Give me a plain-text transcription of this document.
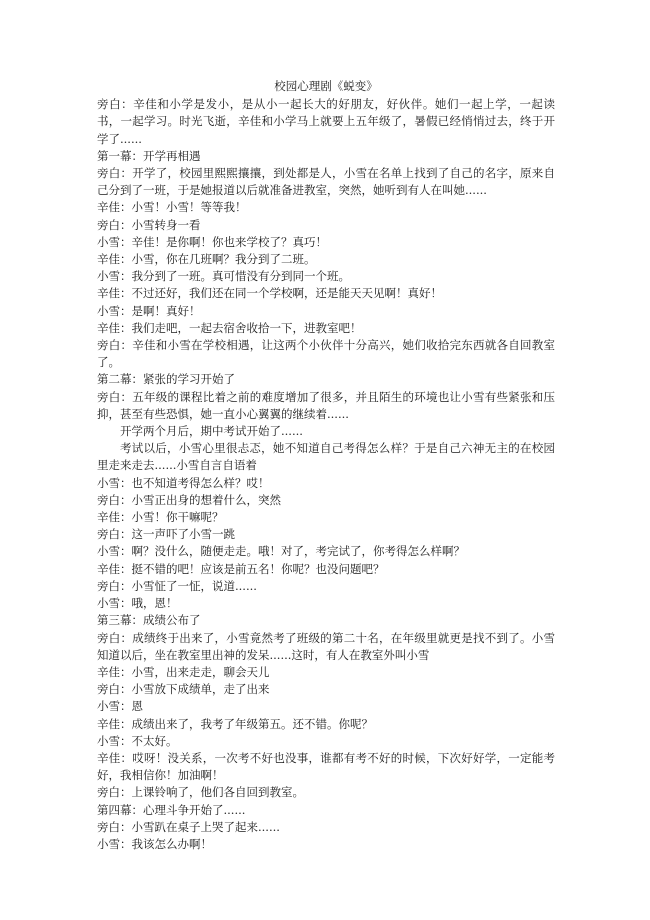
校园心理剧《蜕变》

旁白：辛佳和小学是发小，是从小一起长大的好朋友，好伙伴。她们一起上学，一起读书，一起学习。时光飞逝，辛佳和小学马上就要上五年级了，暑假已经悄悄过去，终于开学了......

第一幕：开学再相遇

旁白：开学了，校园里熙熙攘攘，到处都是人，小雪在名单上找到了自己的名字，原来自己分到了一班，于是她报道以后就准备进教室，突然，她听到有人在叫她......

辛佳：小雪！小雪！等等我！

旁白：小雪转身一看

小雪：辛佳！是你啊！你也来学校了？真巧！

辛佳：小雪，你在几班啊？我分到了二班。

小雪：我分到了一班。真可惜没有分到同一个班。

辛佳：不过还好，我们还在同一个学校啊，还是能天天见啊！真好！

小雪：是啊！真好！

辛佳：我们走吧，一起去宿舍收拾一下，进教室吧！

旁白：辛佳和小雪在学校相遇，让这两个小伙伴十分高兴，她们收拾完东西就各自回教室了。

第二幕：紧张的学习开始了

旁白：五年级的课程比着之前的难度增加了很多，并且陌生的环境也让小雪有些紧张和压抑，甚至有些恐惧，她一直小心翼翼的继续着......

开学两个月后，期中考试开始了......

考试以后，小雪心里很忐忑，她不知道自己考得怎么样？于是自己六神无主的在校园里走来走去......小雪自言自语着

小雪：也不知道考得怎么样？哎！

旁白：小雪正出身的想着什么，突然

辛佳：小雪！你干嘛呢？

旁白：这一声吓了小雪一跳

小雪：啊？没什么，随便走走。哦！对了，考完试了，你考得怎么样啊？

辛佳：挺不错的吧！应该是前五名！你呢？也没问题吧？

旁白：小雪怔了一怔，说道......

小雪：哦，恩！

第三幕：成绩公布了

旁白：成绩终于出来了，小雪竟然考了班级的第二十名，在年级里就更是找不到了。小雪知道以后，坐在教室里出神的发呆......这时，有人在教室外叫小雪

辛佳：小雪，出来走走，聊会天儿

旁白：小雪放下成绩单，走了出来

小雪：恩

辛佳：成绩出来了，我考了年级第五。还不错。你呢？

小雪：不太好。

辛佳：哎呀！没关系，一次考不好也没事，谁都有考不好的时候，下次好好学，一定能考好，我相信你！加油啊！

旁白：上课铃响了，他们各自回到教室。

第四幕：心理斗争开始了......

旁白：小雪趴在桌子上哭了起来......

小雪：我该怎么办啊！
